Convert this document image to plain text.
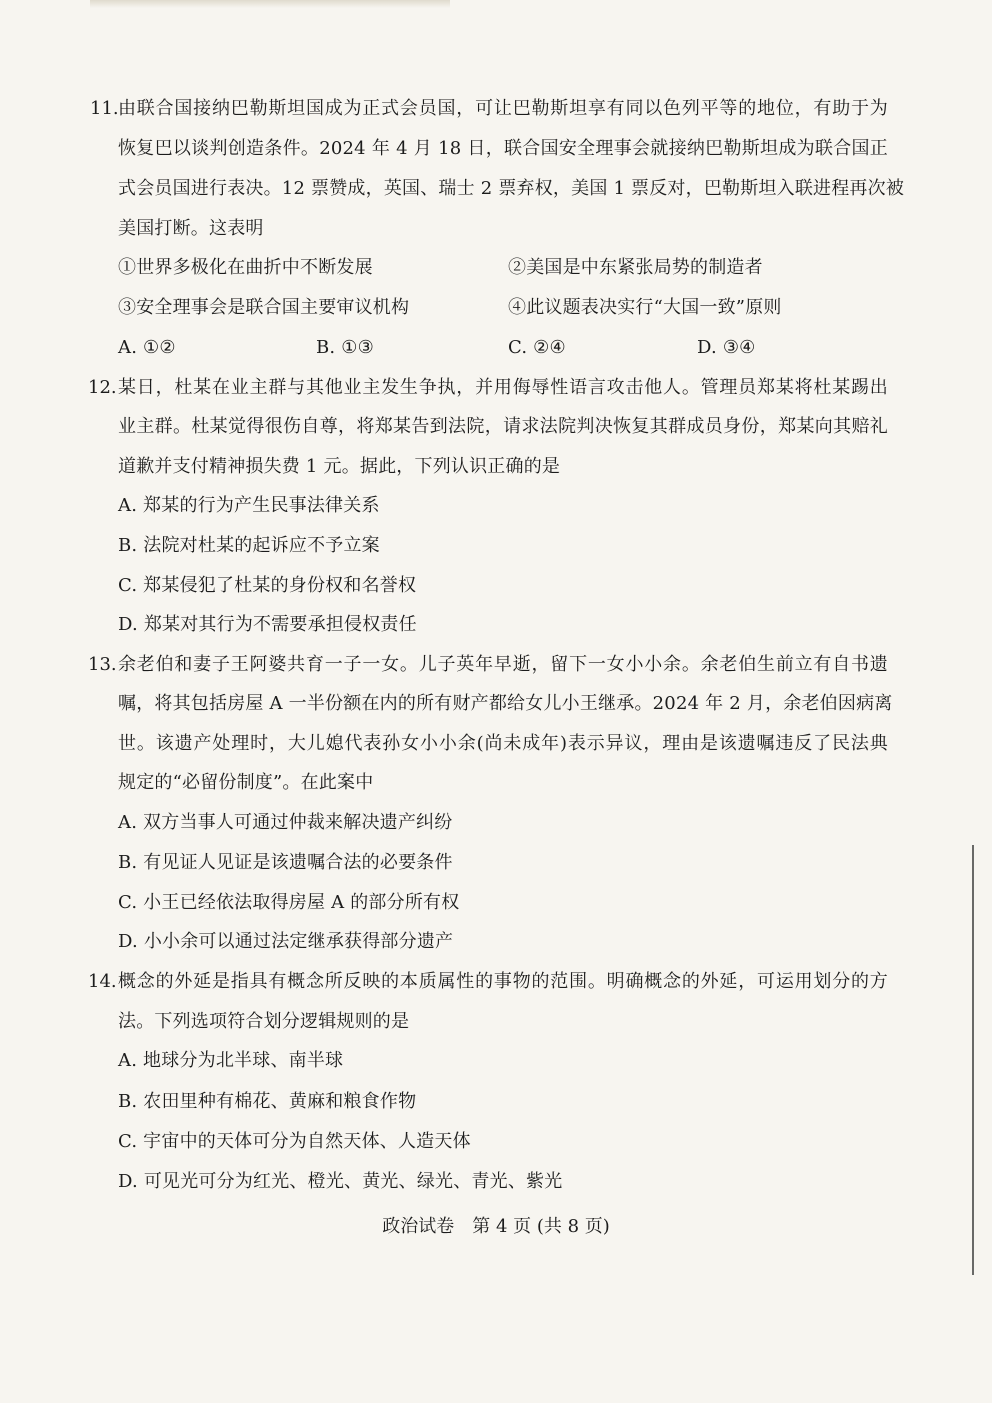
11. 由联合国接纳巴勒斯坦国成为正式会员国，可让巴勒斯坦享有同以色列平等的地位，有助于为
恢复巴以谈判创造条件。2024 年 4 月 18 日，联合国安全理事会就接纳巴勒斯坦成为联合国正
式会员国进行表决。12 票赞成，英国、瑞士 2 票弃权，美国 1 票反对，巴勒斯坦入联进程再次被
美国打断。这表明
①世界多极化在曲折中不断发展	②美国是中东紧张局势的制造者
③安全理事会是联合国主要审议机构	④此议题表决实行“大国一致”原则
A. ①②	B. ①③	C. ②④	D. ③④
12. 某日，杜某在业主群与其他业主发生争执，并用侮辱性语言攻击他人。管理员郑某将杜某踢出
业主群。杜某觉得很伤自尊，将郑某告到法院，请求法院判决恢复其群成员身份，郑某向其赔礼
道歉并支付精神损失费 1 元。据此，下列认识正确的是
A. 郑某的行为产生民事法律关系
B. 法院对杜某的起诉应不予立案
C. 郑某侵犯了杜某的身份权和名誉权
D. 郑某对其行为不需要承担侵权责任
13. 余老伯和妻子王阿婆共育一子一女。儿子英年早逝，留下一女小小余。余老伯生前立有自书遗
嘱，将其包括房屋 A 一半份额在内的所有财产都给女儿小王继承。2024 年 2 月，余老伯因病离
世。该遗产处理时，大儿媳代表孙女小小余(尚未成年)表示异议，理由是该遗嘱违反了民法典
规定的“必留份制度”。在此案中
A. 双方当事人可通过仲裁来解决遗产纠纷
B. 有见证人见证是该遗嘱合法的必要条件
C. 小王已经依法取得房屋 A 的部分所有权
D. 小小余可以通过法定继承获得部分遗产
14. 概念的外延是指具有概念所反映的本质属性的事物的范围。明确概念的外延，可运用划分的方
法。下列选项符合划分逻辑规则的是
A. 地球分为北半球、南半球
B. 农田里种有棉花、黄麻和粮食作物
C. 宇宙中的天体可分为自然天体、人造天体
D. 可见光可分为红光、橙光、黄光、绿光、青光、紫光
政治试卷　第 4 页 (共 8 页)
